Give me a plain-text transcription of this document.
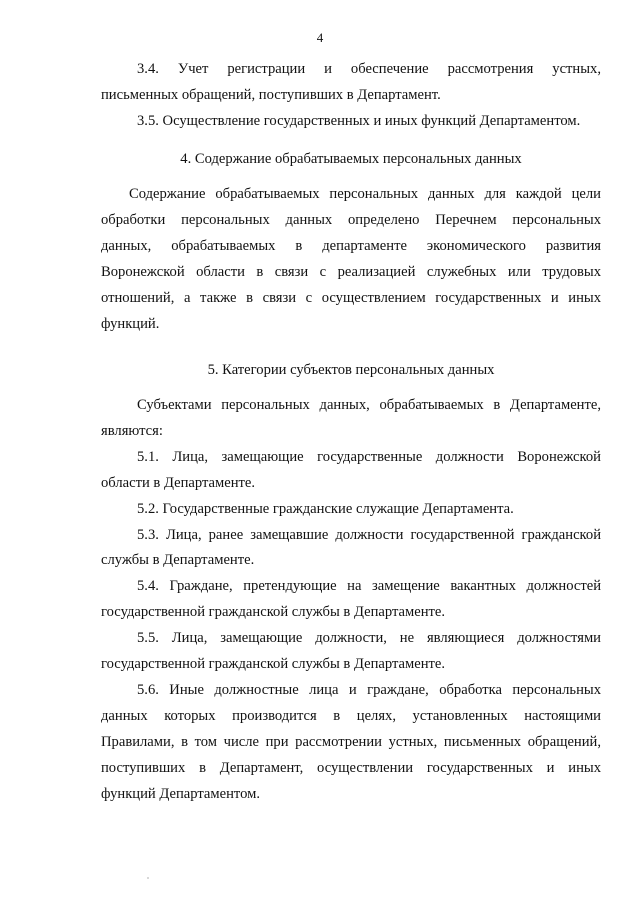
4

3.4. Учет регистрации и обеспечение рассмотрения устных,

письменных обращений, поступивших в Департамент.

3.5. Осуществление государственных и иных функций Департаментом.

4. Содержание обрабатываемых персональных данных

Содержание обрабатываемых персональных данных для каждой цели

обработки персональных данных определено Перечнем персональных

данных, обрабатываемых в департаменте экономического развития

Воронежской области в связи с реализацией служебных или трудовых

отношений, а также в связи с осуществлением государственных и иных

функций.

5. Категории субъектов персональных данных

Субъектами персональных данных, обрабатываемых в Департаменте,

являются:

5.1. Лица, замещающие государственные должности Воронежской

области в Департаменте.

5.2. Государственные гражданские служащие Департамента.

5.3. Лица, ранее замещавшие должности государственной гражданской

службы в Департаменте.

5.4. Граждане, претендующие на замещение вакантных должностей

государственной гражданской службы в Департаменте.

5.5. Лица, замещающие должности, не являющиеся должностями

государственной гражданской службы в Департаменте.

5.6. Иные должностные лица и граждане, обработка персональных

данных которых производится в целях, установленных настоящими

Правилами, в том числе при рассмотрении устных, письменных обращений,

поступивших в Департамент, осуществлении государственных и иных

функций Департаментом.
